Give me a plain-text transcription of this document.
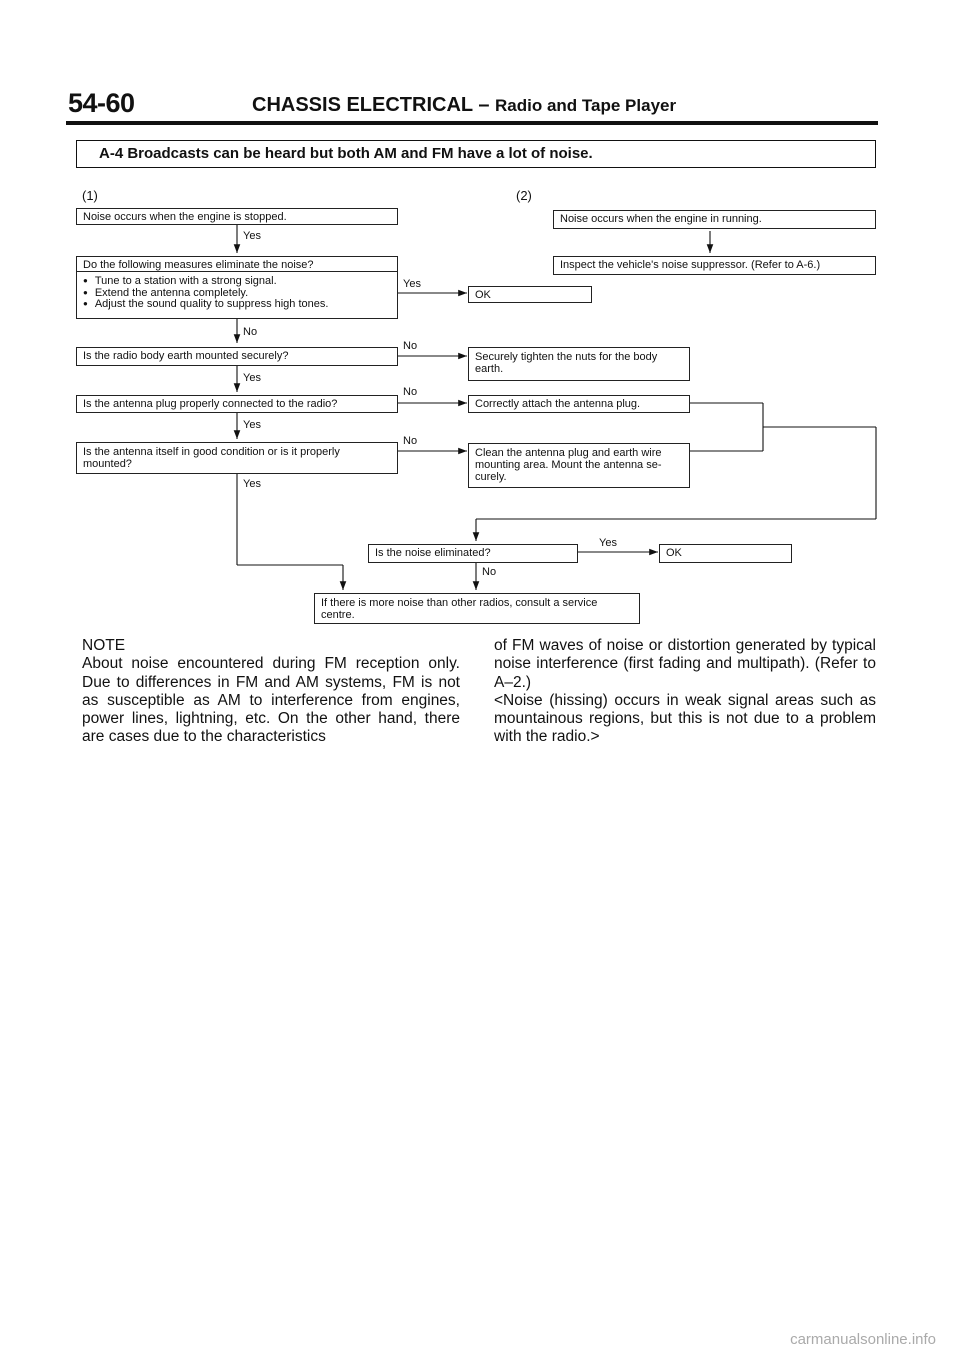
54-60	CHASSIS ELECTRICAL – Radio and Tape Player
A-4 Broadcasts can be heard but both AM and FM have a lot of noise.
(1)	(2)
Noise occurs when the engine is stopped.
Yes
Do the following measures eliminate the noise?
● Tune to a station with a strong signal.
● Extend the antenna completely.
● Adjust the sound quality to suppress high tones.
Yes
No
Is the radio body earth mounted securely?
No
Yes
Is the antenna plug properly connected to the radio?
No
Yes
Is the antenna itself in good condition or is it properly mounted?
No
Yes
OK
Securely tighten the nuts for the body earth.
Correctly attach the antenna plug.
Clean the antenna plug and earth wire mounting area. Mount the antenna se-curely.
Noise occurs when the engine in running.
Inspect the vehicle's noise suppressor. (Refer to A-6.)
Is the noise eliminated?
Yes
OK
No
If there is more noise than other radios, consult a service centre.

NOTE

About noise encountered during FM reception only. Due to differences in FM and AM systems, FM is not as susceptible as AM to interference from engines, power lines, lightning, etc. On the other hand, there are cases due to the characteristics

of FM waves of noise or distortion generated by typical noise interference (first fading and multipath). (Refer to A–2.)

<Noise (hissing) occurs in weak signal areas such as mountainous regions, but this is not due to a problem with the radio.>

carmanualsonline.info
